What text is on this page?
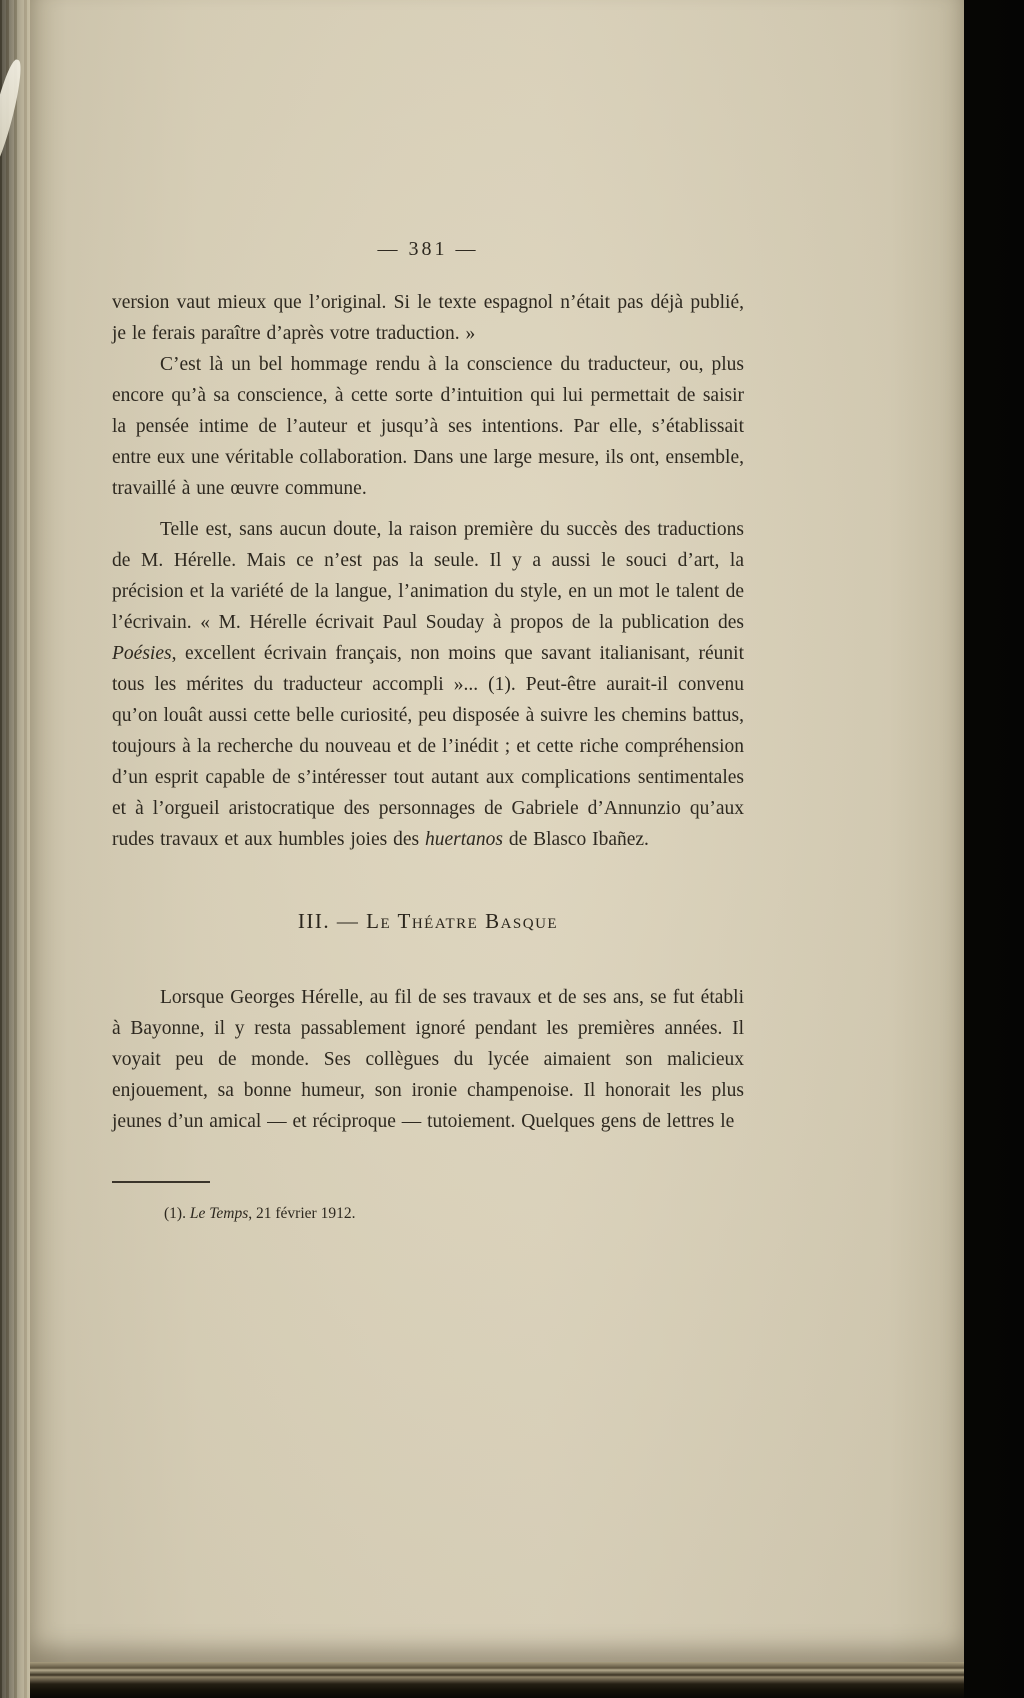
— 381 —

version vaut mieux que l’original. Si le texte espagnol n’était pas déjà publié, je le ferais paraître d’après votre traduction. »

C’est là un bel hommage rendu à la conscience du traducteur, ou, plus encore qu’à sa conscience, à cette sorte d’intuition qui lui permettait de saisir la pensée intime de l’auteur et jusqu’à ses intentions. Par elle, s’établissait entre eux une véritable collaboration. Dans une large mesure, ils ont, ensemble, travaillé à une œuvre commune.

Telle est, sans aucun doute, la raison première du succès des traductions de M. Hérelle. Mais ce n’est pas la seule. Il y a aussi le souci d’art, la précision et la variété de la langue, l’animation du style, en un mot le talent de l’écrivain. « M. Hérelle écrivait Paul Souday à propos de la publication des Poésies, excellent écrivain français, non moins que savant italianisant, réunit tous les mérites du traducteur accompli »... (1). Peut-être aurait-il convenu qu’on louât aussi cette belle curiosité, peu disposée à suivre les chemins battus, toujours à la recherche du nouveau et de l’inédit ; et cette riche compréhension d’un esprit capable de s’intéresser tout autant aux complications sentimentales et à l’orgueil aristocratique des personnages de Gabriele d’Annunzio qu’aux rudes travaux et aux humbles joies des huertanos de Blasco Ibañez.

III. — Le Théatre Basque

Lorsque Georges Hérelle, au fil de ses travaux et de ses ans, se fut établi à Bayonne, il y resta passablement ignoré pendant les premières années. Il voyait peu de monde. Ses collègues du lycée aimaient son malicieux enjouement, sa bonne humeur, son ironie champenoise. Il honorait les plus jeunes d’un amical — et réciproque — tutoiement. Quelques gens de lettres le

(1). Le Temps, 21 février 1912.
